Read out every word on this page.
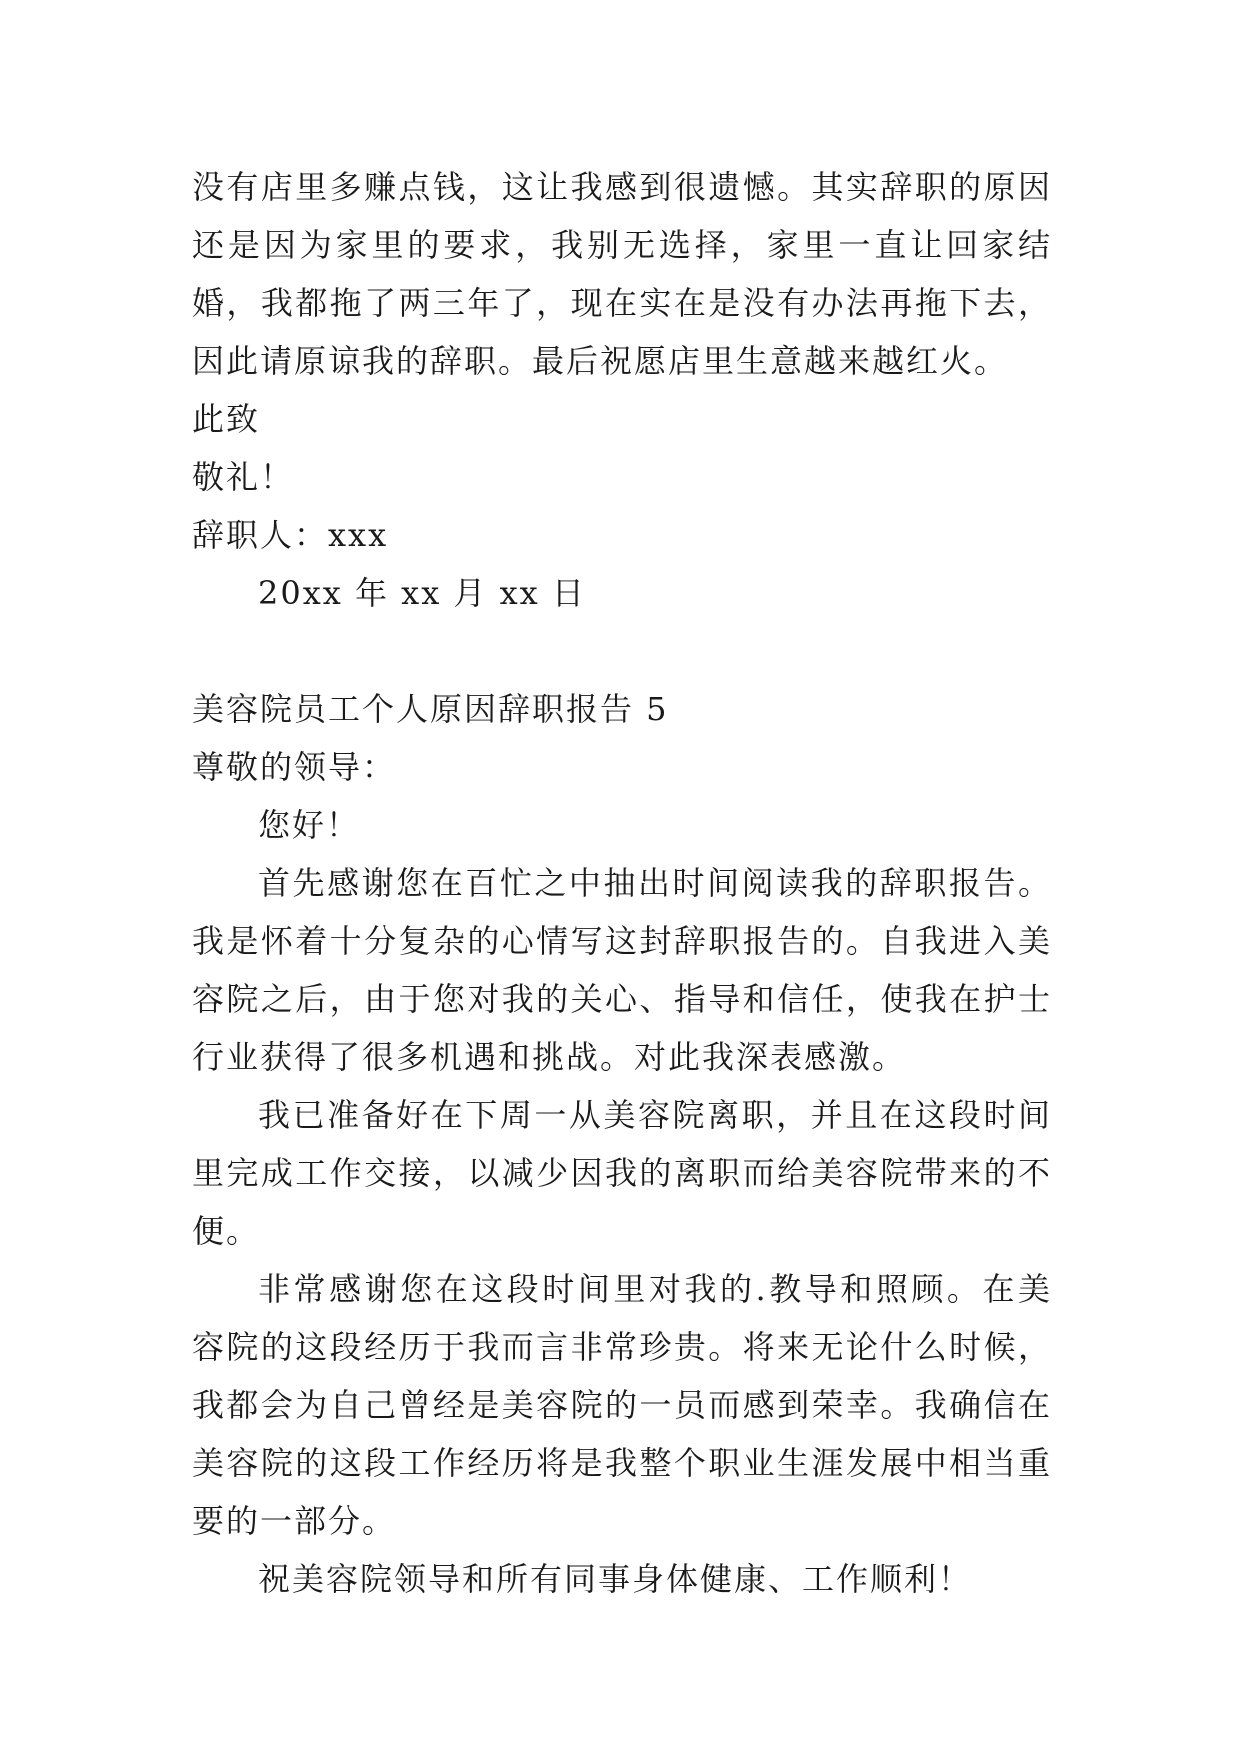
没有店里多赚点钱，这让我感到很遗憾。其实辞职的原因还是因为家里的要求，我别无选择，家里一直让回家结婚，我都拖了两三年了，现在实在是没有办法再拖下去，因此请原谅我的辞职。最后祝愿店里生意越来越红火。

此致

敬礼！

辞职人：xxx

20xx 年 xx 月 xx 日

美容院员工个人原因辞职报告 5

尊敬的领导：

您好！

首先感谢您在百忙之中抽出时间阅读我的辞职报告。我是怀着十分复杂的心情写这封辞职报告的。自我进入美容院之后，由于您对我的关心、指导和信任，使我在护士行业获得了很多机遇和挑战。对此我深表感激。

我已准备好在下周一从美容院离职，并且在这段时间里完成工作交接，以减少因我的离职而给美容院带来的不便。

非常感谢您在这段时间里对我的.教导和照顾。在美容院的这段经历于我而言非常珍贵。将来无论什么时候，我都会为自己曾经是美容院的一员而感到荣幸。我确信在美容院的这段工作经历将是我整个职业生涯发展中相当重要的一部分。

祝美容院领导和所有同事身体健康、工作顺利！
